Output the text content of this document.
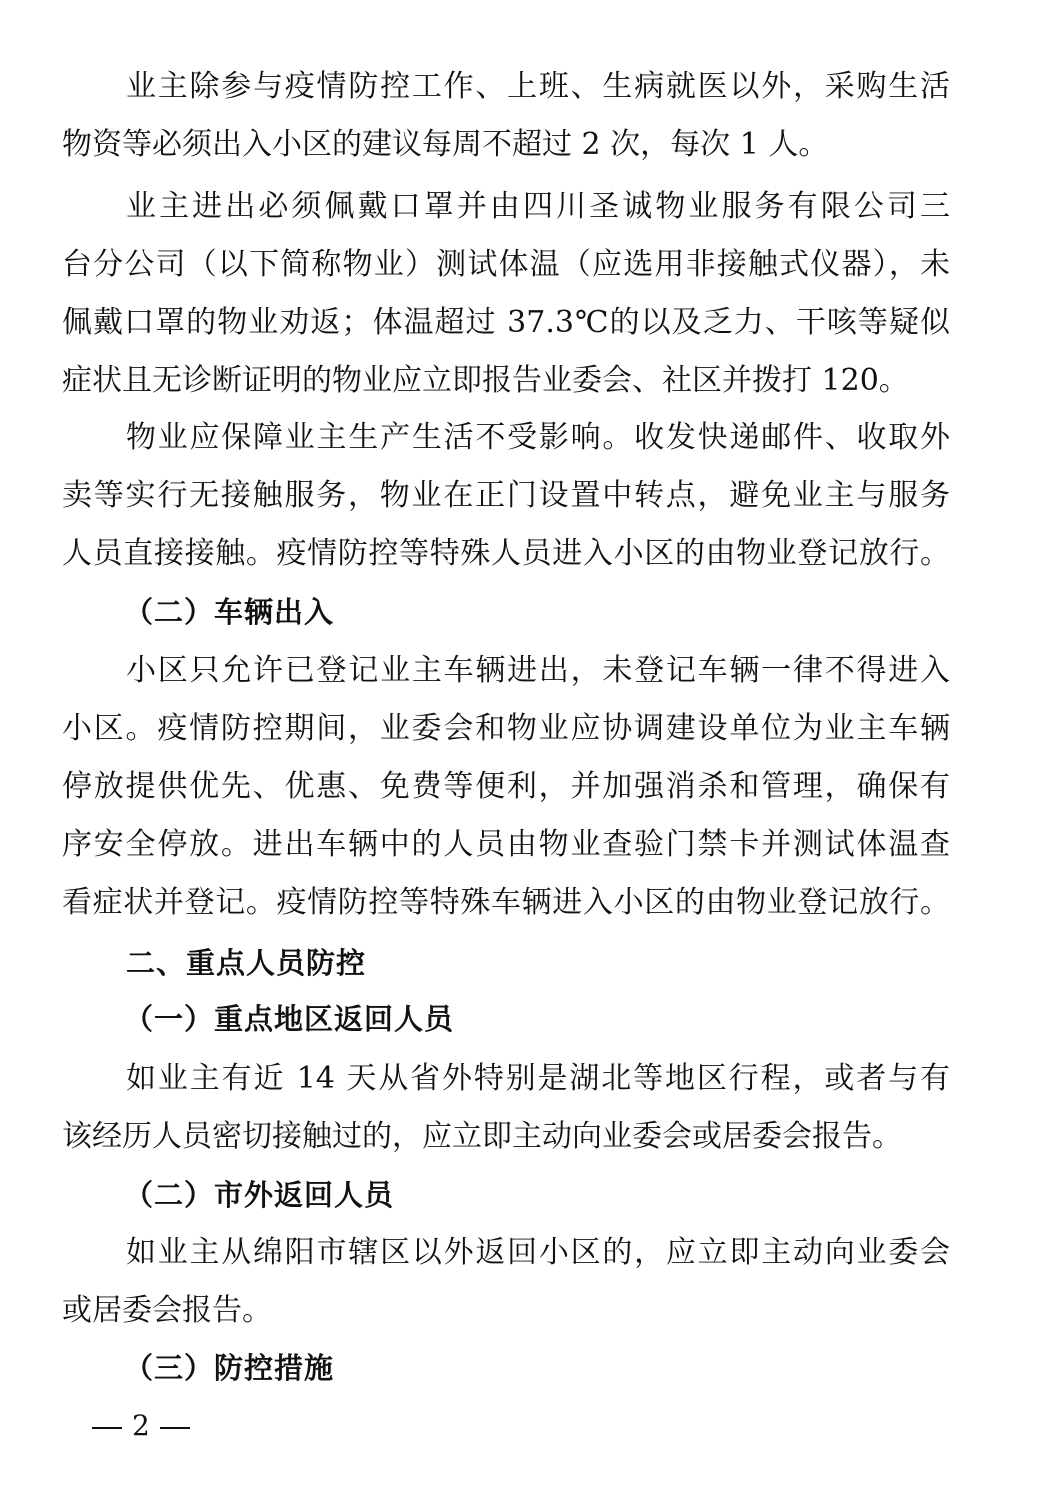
业主除参与疫情防控工作、上班、生病就医以外，采购生活
物资等必须出入小区的建议每周不超过 2 次，每次 1 人。
业主进出必须佩戴口罩并由四川圣诚物业服务有限公司三
台分公司（以下简称物业）测试体温（应选用非接触式仪器），未
佩戴口罩的物业劝返；体温超过 37.3℃的以及乏力、干咳等疑似
症状且无诊断证明的物业应立即报告业委会、社区并拨打 120。
物业应保障业主生产生活不受影响。收发快递邮件、收取外
卖等实行无接触服务，物业在正门设置中转点，避免业主与服务
人员直接接触。疫情防控等特殊人员进入小区的由物业登记放行。
（二）车辆出入
小区只允许已登记业主车辆进出，未登记车辆一律不得进入
小区。疫情防控期间，业委会和物业应协调建设单位为业主车辆
停放提供优先、优惠、免费等便利，并加强消杀和管理，确保有
序安全停放。进出车辆中的人员由物业查验门禁卡并测试体温查
看症状并登记。疫情防控等特殊车辆进入小区的由物业登记放行。
二、重点人员防控
（一）重点地区返回人员
如业主有近 14 天从省外特别是湖北等地区行程，或者与有
该经历人员密切接触过的，应立即主动向业委会或居委会报告。
（二）市外返回人员
如业主从绵阳市辖区以外返回小区的，应立即主动向业委会
或居委会报告。
（三）防控措施
2
